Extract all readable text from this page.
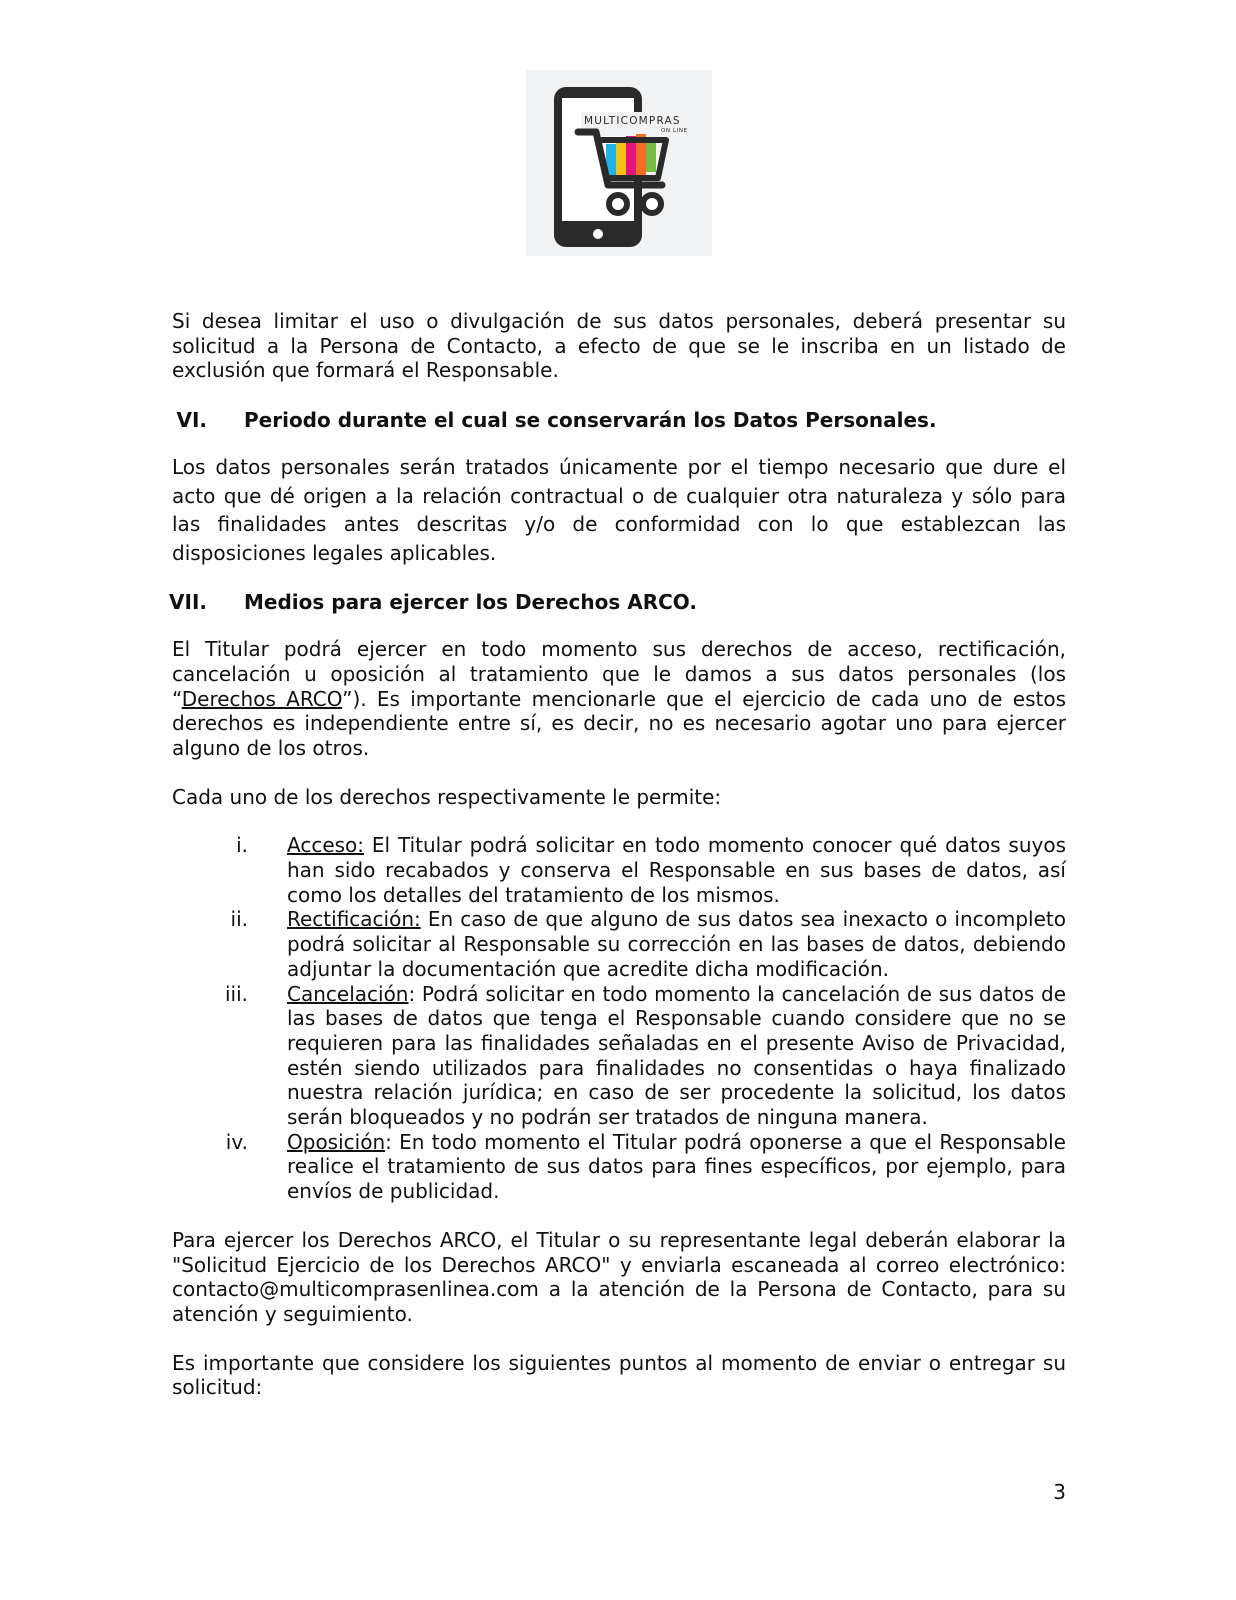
MULTICOMPRAS
ON LINE

Si desea limitar el uso o divulgación de sus datos personales, deberá presentar su solicitud a la Persona de Contacto, a efecto de que se le inscriba en un listado de exclusión que formará el Responsable.

VI.	Periodo durante el cual se conservarán los Datos Personales.

Los datos personales serán tratados únicamente por el tiempo necesario que dure el acto que dé origen a la relación contractual o de cualquier otra naturaleza y sólo para las finalidades antes descritas y/o de conformidad con lo que establezcan las disposiciones legales aplicables.

VII.	Medios para ejercer los Derechos ARCO.

El Titular podrá ejercer en todo momento sus derechos de acceso, rectificación, cancelación u oposición al tratamiento que le damos a sus datos personales (los “Derechos ARCO”). Es importante mencionarle que el ejercicio de cada uno de estos derechos es independiente entre sí, es decir, no es necesario agotar uno para ejercer alguno de los otros.

Cada uno de los derechos respectivamente le permite:

i.	Acceso: El Titular podrá solicitar en todo momento conocer qué datos suyos han sido recabados y conserva el Responsable en sus bases de datos, así como los detalles del tratamiento de los mismos.
ii.	Rectificación: En caso de que alguno de sus datos sea inexacto o incompleto podrá solicitar al Responsable su corrección en las bases de datos, debiendo adjuntar la documentación que acredite dicha modificación.
iii.	Cancelación: Podrá solicitar en todo momento la cancelación de sus datos de las bases de datos que tenga el Responsable cuando considere que no se requieren para las finalidades señaladas en el presente Aviso de Privacidad, estén siendo utilizados para finalidades no consentidas o haya finalizado nuestra relación jurídica; en caso de ser procedente la solicitud, los datos serán bloqueados y no podrán ser tratados de ninguna manera.
iv.	Oposición: En todo momento el Titular podrá oponerse a que el Responsable realice el tratamiento de sus datos para fines específicos, por ejemplo, para envíos de publicidad.

Para ejercer los Derechos ARCO, el Titular o su representante legal deberán elaborar la "Solicitud Ejercicio de los Derechos ARCO" y enviarla escaneada al correo electrónico: contacto@multicomprasenlinea.com a la atención de la Persona de Contacto, para su atención y seguimiento.

Es importante que considere los siguientes puntos al momento de enviar o entregar su solicitud:

3
